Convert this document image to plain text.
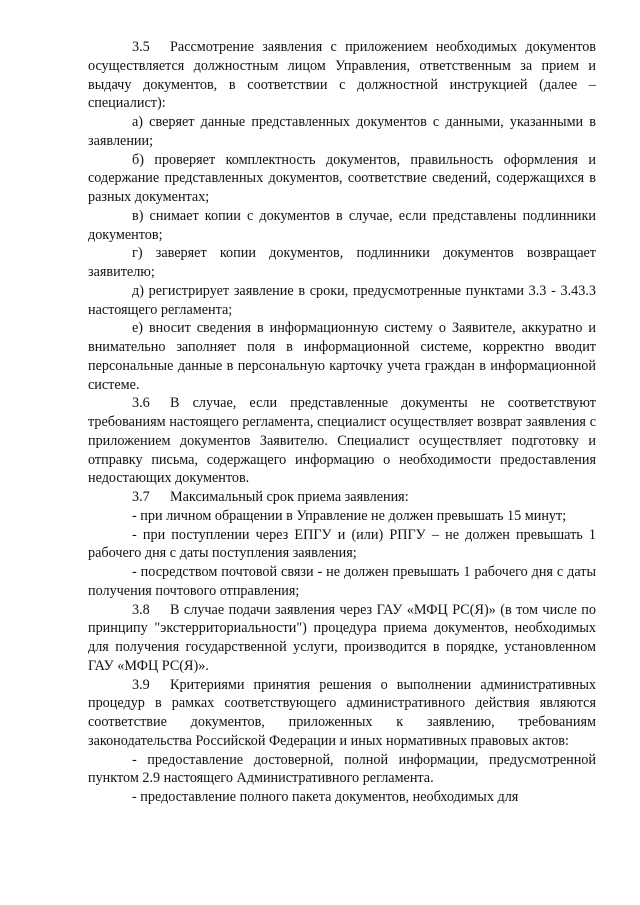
3.5 Рассмотрение заявления с приложением необходимых документов осуществляется должностным лицом Управления, ответственным за прием и выдачу документов, в соответствии с должностной инструкцией (далее – специалист):

а) сверяет данные представленных документов с данными, указанными в заявлении;

б) проверяет комплектность документов, правильность оформления и содержание представленных документов, соответствие сведений, содержащихся в разных документах;

в) снимает копии с документов в случае, если представлены подлинники документов;

г) заверяет копии документов, подлинники документов возвращает заявителю;

д) регистрирует заявление в сроки, предусмотренные пунктами 3.3 - 3.43.3 настоящего регламента;

е) вносит сведения в информационную систему о Заявителе, аккуратно и внимательно заполняет поля в информационной системе, корректно вводит персональные данные в персональную карточку учета граждан в информационной системе.

3.6 В случае, если представленные документы не соответствуют требованиям настоящего регламента, специалист осуществляет возврат заявления с приложением документов Заявителю. Специалист осуществляет подготовку и отправку письма, содержащего информацию о необходимости предоставления недостающих документов.

3.7 Максимальный срок приема заявления:

- при личном обращении в Управление не должен превышать 15 минут;

- при поступлении через ЕПГУ и (или) РПГУ – не должен превышать 1 рабочего дня с даты поступления заявления;

- посредством почтовой связи - не должен превышать 1 рабочего дня с даты получения почтового отправления;

3.8 В случае подачи заявления через ГАУ «МФЦ РС(Я)» (в том числе по принципу "экстерриториальности") процедура приема документов, необходимых для получения государственной услуги, производится в порядке, установленном ГАУ «МФЦ РС(Я)».

3.9 Критериями принятия решения о выполнении административных процедур в рамках соответствующего административного действия являются соответствие документов, приложенных к заявлению, требованиям законодательства Российской Федерации и иных нормативных правовых актов:

- предоставление достоверной, полной информации, предусмотренной пунктом 2.9 настоящего Административного регламента.

- предоставление полного пакета документов, необходимых для
